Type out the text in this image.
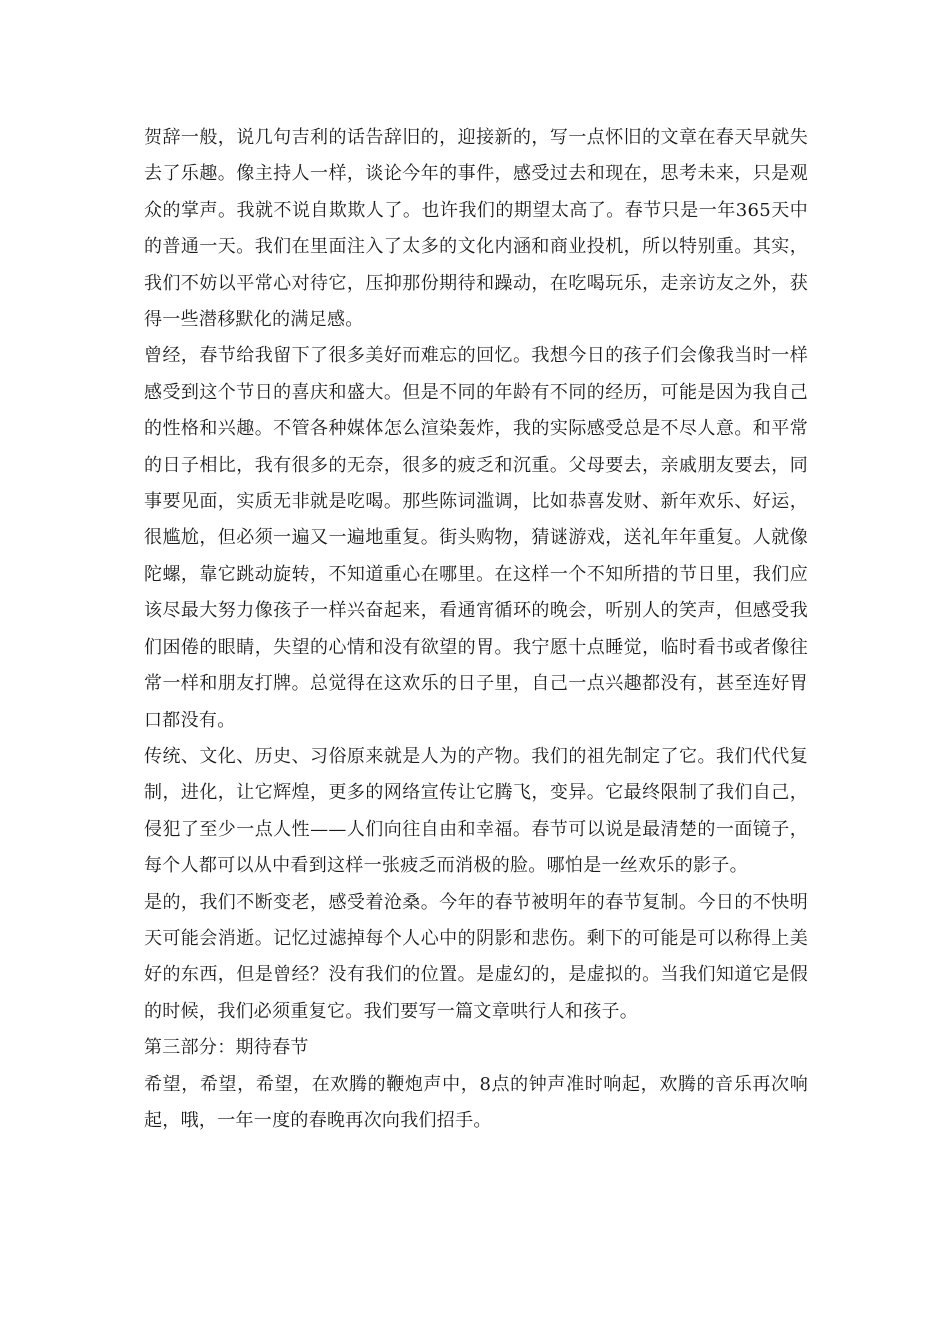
贺辞一般，说几句吉利的话告辞旧的，迎接新的，写一点怀旧的文章在春天早就失去了乐趣。像主持人一样，谈论今年的事件，感受过去和现在，思考未来，只是观众的掌声。我就不说自欺欺人了。也许我们的期望太高了。春节只是一年365天中的普通一天。我们在里面注入了太多的文化内涵和商业投机，所以特别重。其实，我们不妨以平常心对待它，压抑那份期待和躁动，在吃喝玩乐，走亲访友之外，获得一些潜移默化的满足感。

曾经，春节给我留下了很多美好而难忘的回忆。我想今日的孩子们会像我当时一样感受到这个节日的喜庆和盛大。但是不同的年龄有不同的经历，可能是因为我自己的性格和兴趣。不管各种媒体怎么渲染轰炸，我的实际感受总是不尽人意。和平常的日子相比，我有很多的无奈，很多的疲乏和沉重。父母要去，亲戚朋友要去，同事要见面，实质无非就是吃喝。那些陈词滥调，比如恭喜发财、新年欢乐、好运，很尴尬，但必须一遍又一遍地重复。街头购物，猜谜游戏，送礼年年重复。人就像陀螺，靠它跳动旋转，不知道重心在哪里。在这样一个不知所措的节日里，我们应该尽最大努力像孩子一样兴奋起来，看通宵循环的晚会，听别人的笑声，但感受我们困倦的眼睛，失望的心情和没有欲望的胃。我宁愿十点睡觉，临时看书或者像往常一样和朋友打牌。总觉得在这欢乐的日子里，自己一点兴趣都没有，甚至连好胃口都没有。

传统、文化、历史、习俗原来就是人为的产物。我们的祖先制定了它。我们代代复制，进化，让它辉煌，更多的网络宣传让它腾飞，变异。它最终限制了我们自己，侵犯了至少一点人性——人们向往自由和幸福。春节可以说是最清楚的一面镜子，每个人都可以从中看到这样一张疲乏而消极的脸。哪怕是一丝欢乐的影子。

是的，我们不断变老，感受着沧桑。今年的春节被明年的春节复制。今日的不快明天可能会消逝。记忆过滤掉每个人心中的阴影和悲伤。剩下的可能是可以称得上美好的东西，但是曾经？没有我们的位置。是虚幻的，是虚拟的。当我们知道它是假的时候，我们必须重复它。我们要写一篇文章哄行人和孩子。

第三部分：期待春节

希望，希望，希望，在欢腾的鞭炮声中，8点的钟声准时响起，欢腾的音乐再次响起，哦，一年一度的春晚再次向我们招手。
